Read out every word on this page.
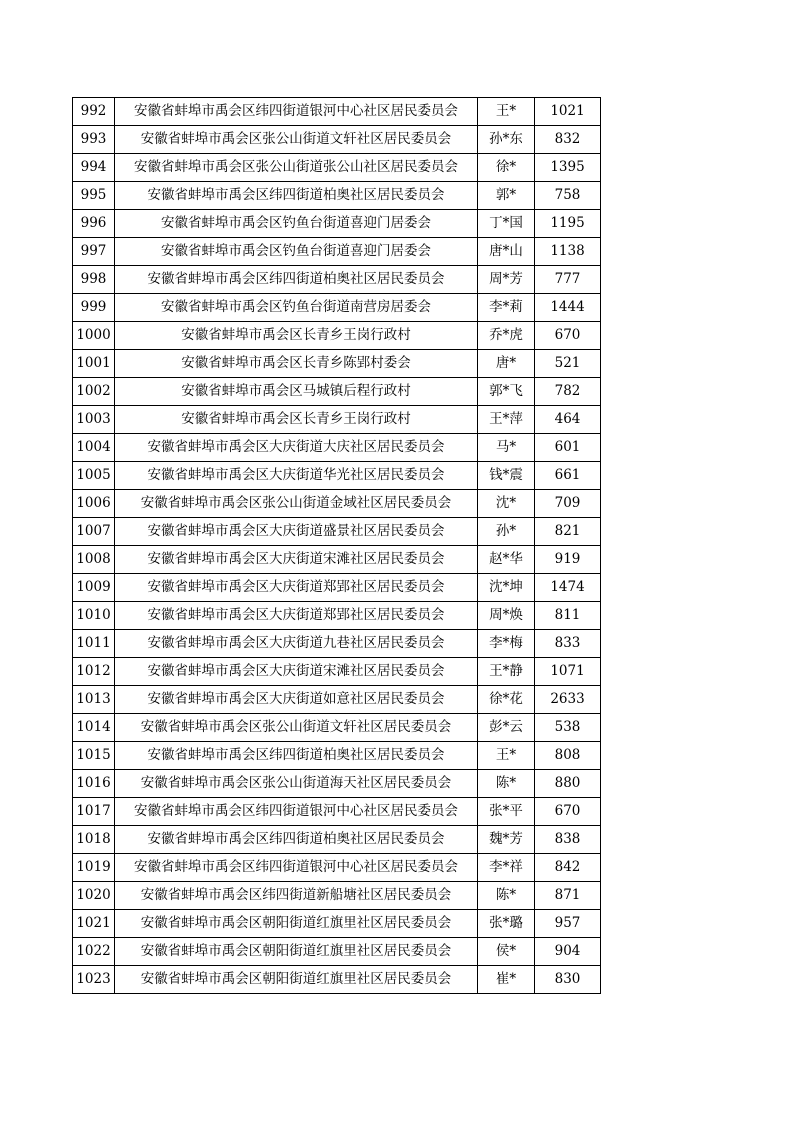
992	安徽省蚌埠市禹会区纬四街道银河中心社区居民委员会	王*	1021
993	安徽省蚌埠市禹会区张公山街道文轩社区居民委员会	孙*东	832
994	安徽省蚌埠市禹会区张公山街道张公山社区居民委员会	徐*	1395
995	安徽省蚌埠市禹会区纬四街道柏奥社区居民委员会	郭*	758
996	安徽省蚌埠市禹会区钓鱼台街道喜迎门居委会	丁*国	1195
997	安徽省蚌埠市禹会区钓鱼台街道喜迎门居委会	唐*山	1138
998	安徽省蚌埠市禹会区纬四街道柏奥社区居民委员会	周*芳	777
999	安徽省蚌埠市禹会区钓鱼台街道南营房居委会	李*莉	1444
1000	安徽省蚌埠市禹会区长青乡王岗行政村	乔*虎	670
1001	安徽省蚌埠市禹会区长青乡陈郢村委会	唐*	521
1002	安徽省蚌埠市禹会区马城镇后程行政村	郭*飞	782
1003	安徽省蚌埠市禹会区长青乡王岗行政村	王*萍	464
1004	安徽省蚌埠市禹会区大庆街道大庆社区居民委员会	马*	601
1005	安徽省蚌埠市禹会区大庆街道华光社区居民委员会	钱*震	661
1006	安徽省蚌埠市禹会区张公山街道金域社区居民委员会	沈*	709
1007	安徽省蚌埠市禹会区大庆街道盛景社区居民委员会	孙*	821
1008	安徽省蚌埠市禹会区大庆街道宋滩社区居民委员会	赵*华	919
1009	安徽省蚌埠市禹会区大庆街道郑郢社区居民委员会	沈*坤	1474
1010	安徽省蚌埠市禹会区大庆街道郑郢社区居民委员会	周*焕	811
1011	安徽省蚌埠市禹会区大庆街道九巷社区居民委员会	李*梅	833
1012	安徽省蚌埠市禹会区大庆街道宋滩社区居民委员会	王*静	1071
1013	安徽省蚌埠市禹会区大庆街道如意社区居民委员会	徐*花	2633
1014	安徽省蚌埠市禹会区张公山街道文轩社区居民委员会	彭*云	538
1015	安徽省蚌埠市禹会区纬四街道柏奥社区居民委员会	王*	808
1016	安徽省蚌埠市禹会区张公山街道海天社区居民委员会	陈*	880
1017	安徽省蚌埠市禹会区纬四街道银河中心社区居民委员会	张*平	670
1018	安徽省蚌埠市禹会区纬四街道柏奥社区居民委员会	魏*芳	838
1019	安徽省蚌埠市禹会区纬四街道银河中心社区居民委员会	李*祥	842
1020	安徽省蚌埠市禹会区纬四街道新船塘社区居民委员会	陈*	871
1021	安徽省蚌埠市禹会区朝阳街道红旗里社区居民委员会	张*璐	957
1022	安徽省蚌埠市禹会区朝阳街道红旗里社区居民委员会	侯*	904
1023	安徽省蚌埠市禹会区朝阳街道红旗里社区居民委员会	崔*	830
